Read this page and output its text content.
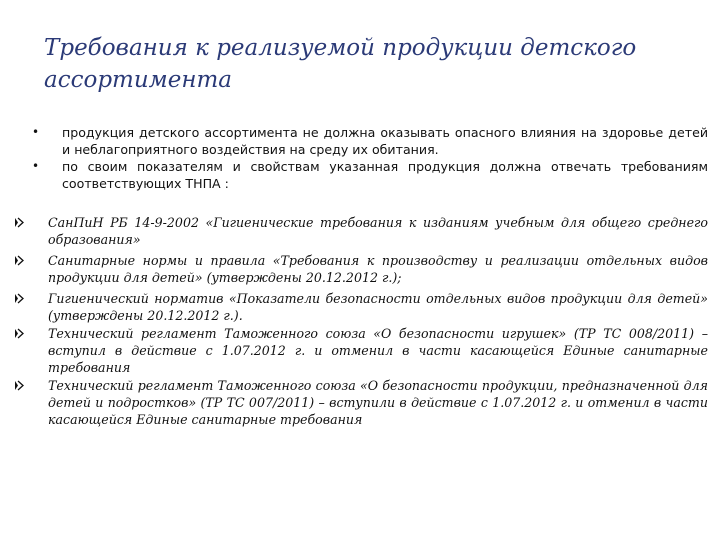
Требования к реализуемой продукции детского ассортимента
• продукция детского ассортимента не должна оказывать опасного влияния на здоровье детей и неблагоприятного воздействия на среду их обитания.
• по своим показателям и свойствам указанная продукция должна отвечать требованиям соответствующих ТНПА :
СанПиН РБ 14-9-2002 «Гигиенические требования к изданиям учебным для общего среднего образования»
Санитарные нормы и правила «Требования к производству и реализации отдельных видов продукции для детей» (утверждены 20.12.2012 г.);
Гигиенический норматив «Показатели безопасности отдельных видов продукции для детей» (утверждены 20.12.2012 г.).
Технический регламент Таможенного союза «О безопасности игрушек» (ТР ТС 008/2011) – вступил в действие с 1.07.2012 г. и отменил в части касающейся Единые санитарные требования
Технический регламент Таможенного союза «О безопасности продукции, предназначенной для детей и подростков» (ТР ТС 007/2011) – вступили в действие с 1.07.2012 г. и отменил в части касающейся Единые санитарные требования
